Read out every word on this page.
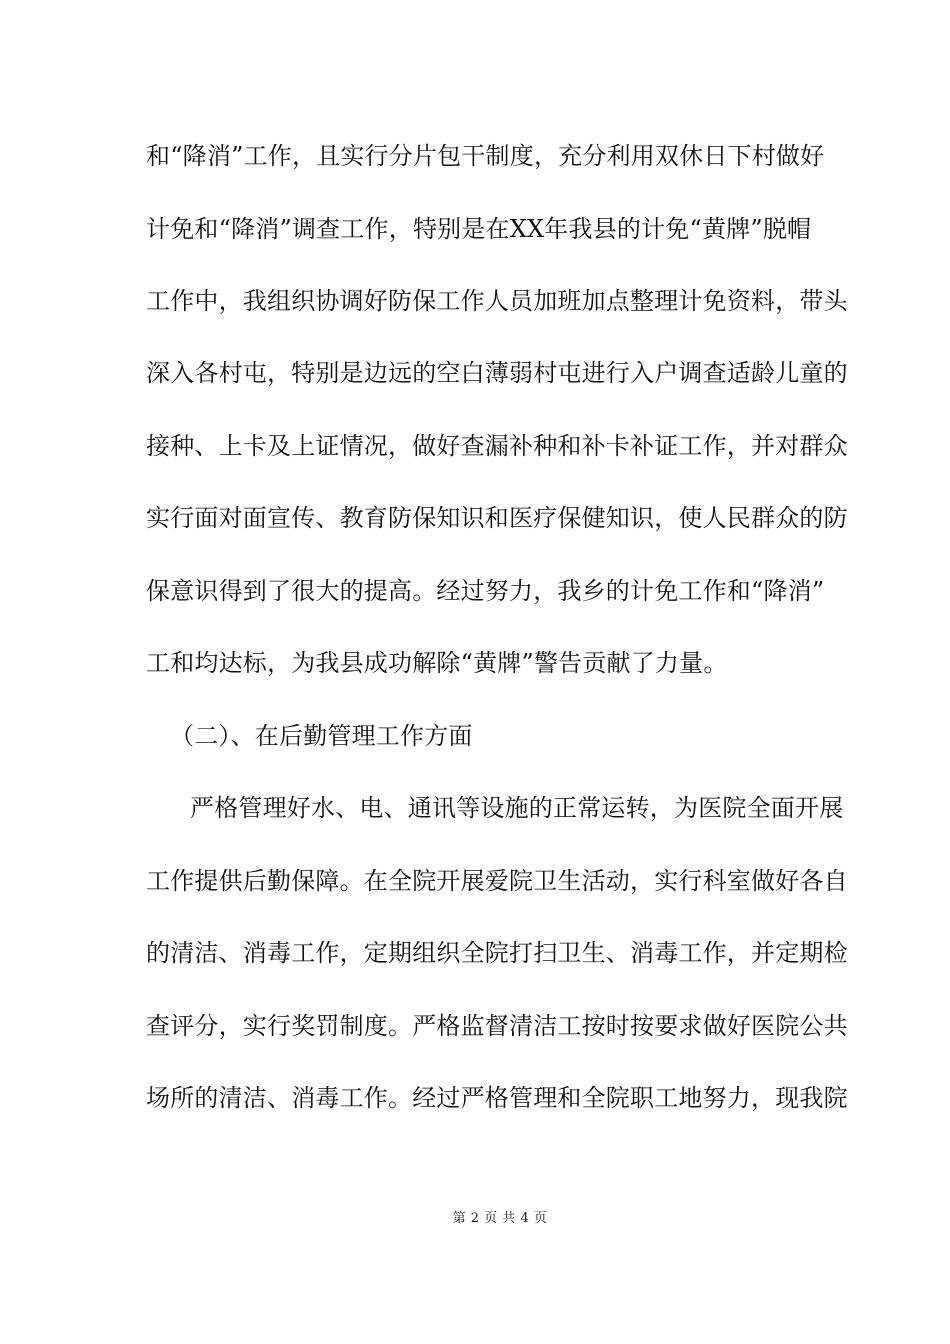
和“降消”工作，且实行分片包干制度，充分利用双休日下村做好
计免和“降消”调查工作，特别是在XX年我县的计免“黄牌”脱帽
工作中，我组织协调好防保工作人员加班加点整理计免资料，带头
深入各村屯，特别是边远的空白薄弱村屯进行入户调查适龄儿童的
接种、上卡及上证情况，做好查漏补种和补卡补证工作，并对群众
实行面对面宣传、教育防保知识和医疗保健知识，使人民群众的防
保意识得到了很大的提高。经过努力，我乡的计免工作和“降消”
工和均达标，为我县成功解除“黄牌”警告贡献了力量。
（二）、在后勤管理工作方面
严格管理好水、电、通讯等设施的正常运转，为医院全面开展
工作提供后勤保障。在全院开展爱院卫生活动，实行科室做好各自
的清洁、消毒工作，定期组织全院打扫卫生、消毒工作，并定期检
查评分，实行奖罚制度。严格监督清洁工按时按要求做好医院公共
场所的清洁、消毒工作。经过严格管理和全院职工地努力，现我院
第 2 页 共 4 页
